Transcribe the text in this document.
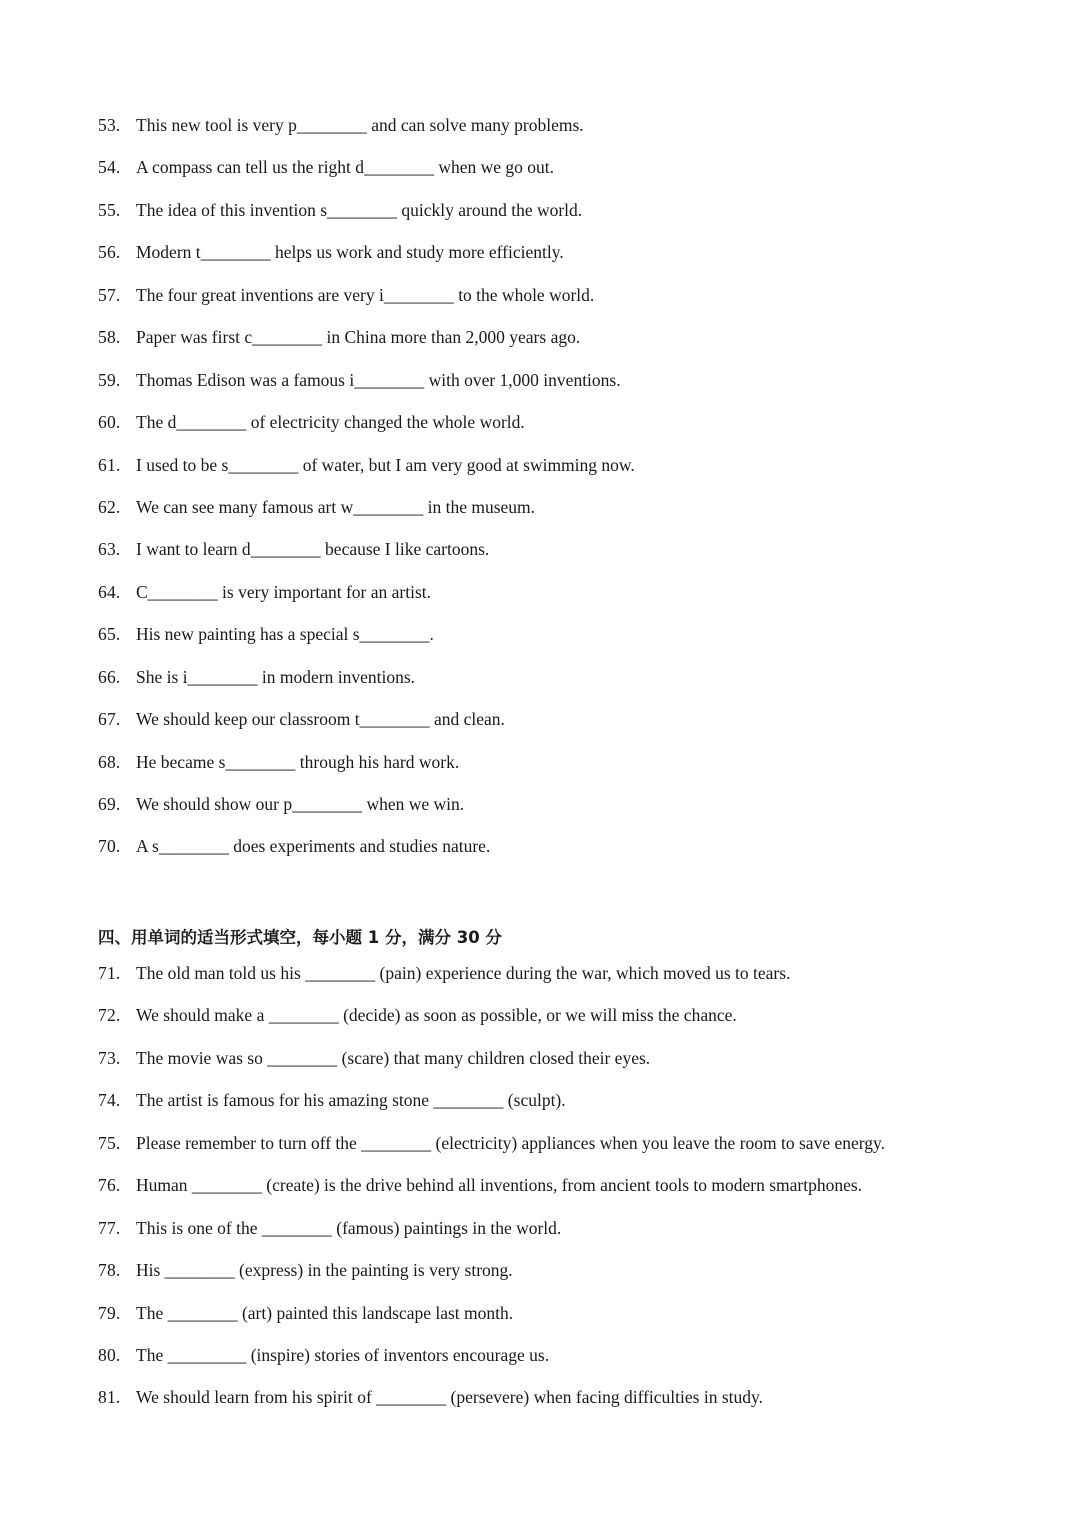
53. This new tool is very p________ and can solve many problems.
54. A compass can tell us the right d________ when we go out.
55. The idea of this invention s________ quickly around the world.
56. Modern t________ helps us work and study more efficiently.
57. The four great inventions are very i________ to the whole world.
58. Paper was first c________ in China more than 2,000 years ago.
59. Thomas Edison was a famous i________ with over 1,000 inventions.
60. The d________ of electricity changed the whole world.
61. I used to be s________ of water, but I am very good at swimming now.
62. We can see many famous art w________ in the museum.
63. I want to learn d________ because I like cartoons.
64. C________ is very important for an artist.
65. His new painting has a special s________.
66. She is i________ in modern inventions.
67. We should keep our classroom t________ and clean.
68. He became s________ through his hard work.
69. We should show our p________ when we win.
70. A s________ does experiments and studies nature.
四、用单词的适当形式填空，每小题 1 分，满分 30 分
71. The old man told us his ________ (pain) experience during the war, which moved us to tears.
72. We should make a ________ (decide) as soon as possible, or we will miss the chance.
73. The movie was so ________ (scare) that many children closed their eyes.
74. The artist is famous for his amazing stone ________ (sculpt).
75. Please remember to turn off the ________ (electricity) appliances when you leave the room to save energy.
76. Human ________ (create) is the drive behind all inventions, from ancient tools to modern smartphones.
77. This is one of the ________ (famous) paintings in the world.
78. His ________ (express) in the painting is very strong.
79. The ________ (art) painted this landscape last month.
80. The _________ (inspire) stories of inventors encourage us.
81. We should learn from his spirit of ________ (persevere) when facing difficulties in study.
